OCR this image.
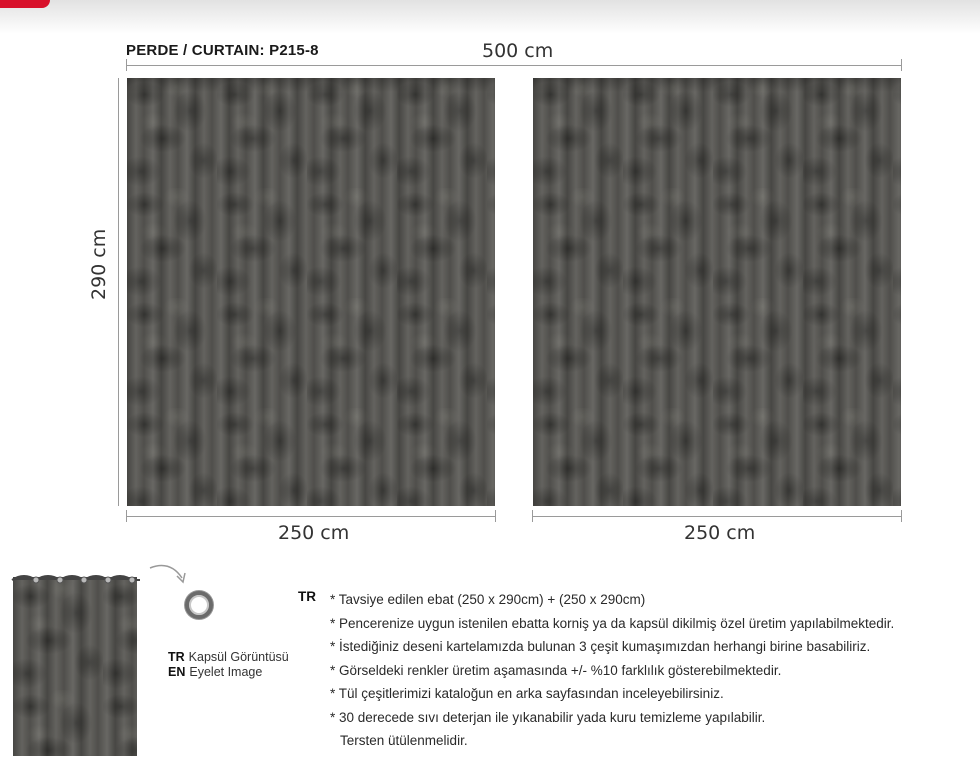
PERDE / CURTAIN: P215-8	500 cm
290 cm
250 cm	250 cm
TR Kapsül Görüntüsü
EN Eyelet Image
TR * Tavsiye edilen ebat (250 x 290cm) + (250 x 290cm)
* Pencerenize uygun istenilen ebatta korniş ya da kapsül dikilmiş özel üretim yapılabilmektedir.
* İstediğiniz deseni kartelamızda bulunan 3 çeşit kumaşımızdan herhangi birine basabiliriz.
* Görseldeki renkler üretim aşamasında +/- %10 farklılık gösterebilmektedir.
* Tül çeşitlerimizi kataloğun en arka sayfasından inceleyebilirsiniz.
* 30 derecede sıvı deterjan ile yıkanabilir yada kuru temizleme yapılabilir.
Tersten ütülenmelidir.
